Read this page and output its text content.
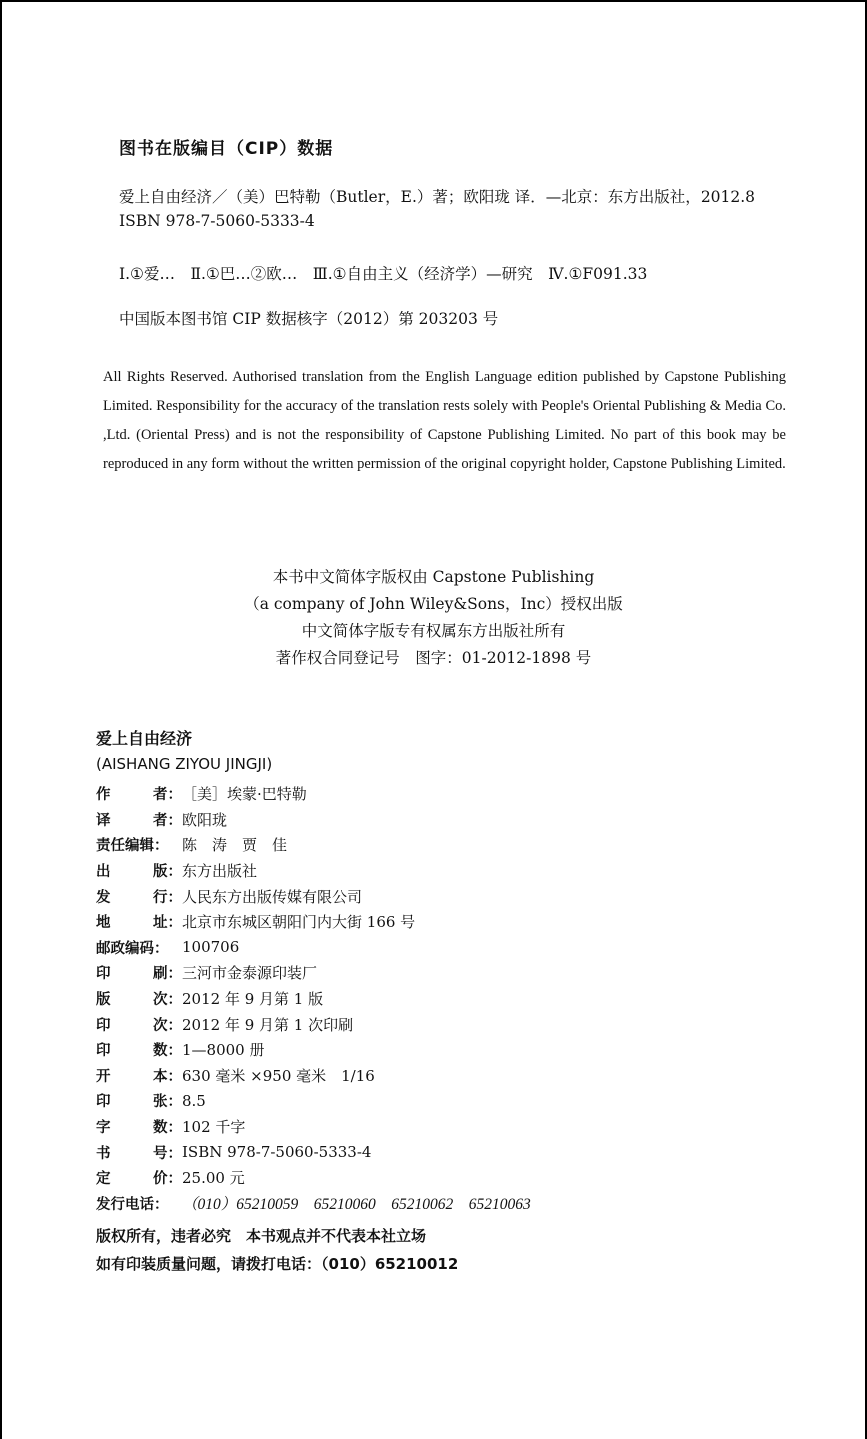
图书在版编目（CIP）数据
爱上自由经济／（美）巴特勒（Butler，E.）著；欧阳珑 译．—北京：东方出版社，2012.8
ISBN 978-7-5060-5333-4
Ⅰ.①爱…　Ⅱ.①巴…②欧…　Ⅲ.①自由主义（经济学）—研究　Ⅳ.①F091.33
中国版本图书馆 CIP 数据核字（2012）第 203203 号

All Rights Reserved. Authorised translation from the English Language edition published by Capstone Publishing Limited. Responsibility for the accuracy of the translation rests solely with People's Oriental Publishing & Media Co. ,Ltd. (Oriental Press) and is not the responsibility of Capstone Publishing Limited. No part of this book may be reproduced in any form without the written permission of the original copyright holder, Capstone Publishing Limited.

本书中文简体字版权由 Capstone Publishing
（a company of John Wiley&Sons，Inc）授权出版
中文简体字版专有权属东方出版社所有
著作权合同登记号　图字：01-2012-1898 号
爱上自由经济
(AISHANG ZIYOU JINGJI)
作	者： ［美］埃蒙·巴特勒
译	者： 欧阳珑
责任编辑： 陈　涛　贾　佳
出	版： 东方出版社
发	行： 人民东方出版传媒有限公司
地	址： 北京市东城区朝阳门内大街 166 号
邮政编码： 100706
印	刷： 三河市金泰源印装厂
版	次： 2012 年 9 月第 1 版
印	次： 2012 年 9 月第 1 次印刷
印	数： 1—8000 册
开	本： 630 毫米 ×950 毫米　1/16
印	张： 8.5
字	数： 102 千字
书	号： ISBN 978-7-5060-5333-4
定	价： 25.00 元
发行电话： （010）65210059　65210060　65210062　65210063
版权所有，违者必究　本书观点并不代表本社立场
如有印装质量问题，请拨打电话：（010）65210012
